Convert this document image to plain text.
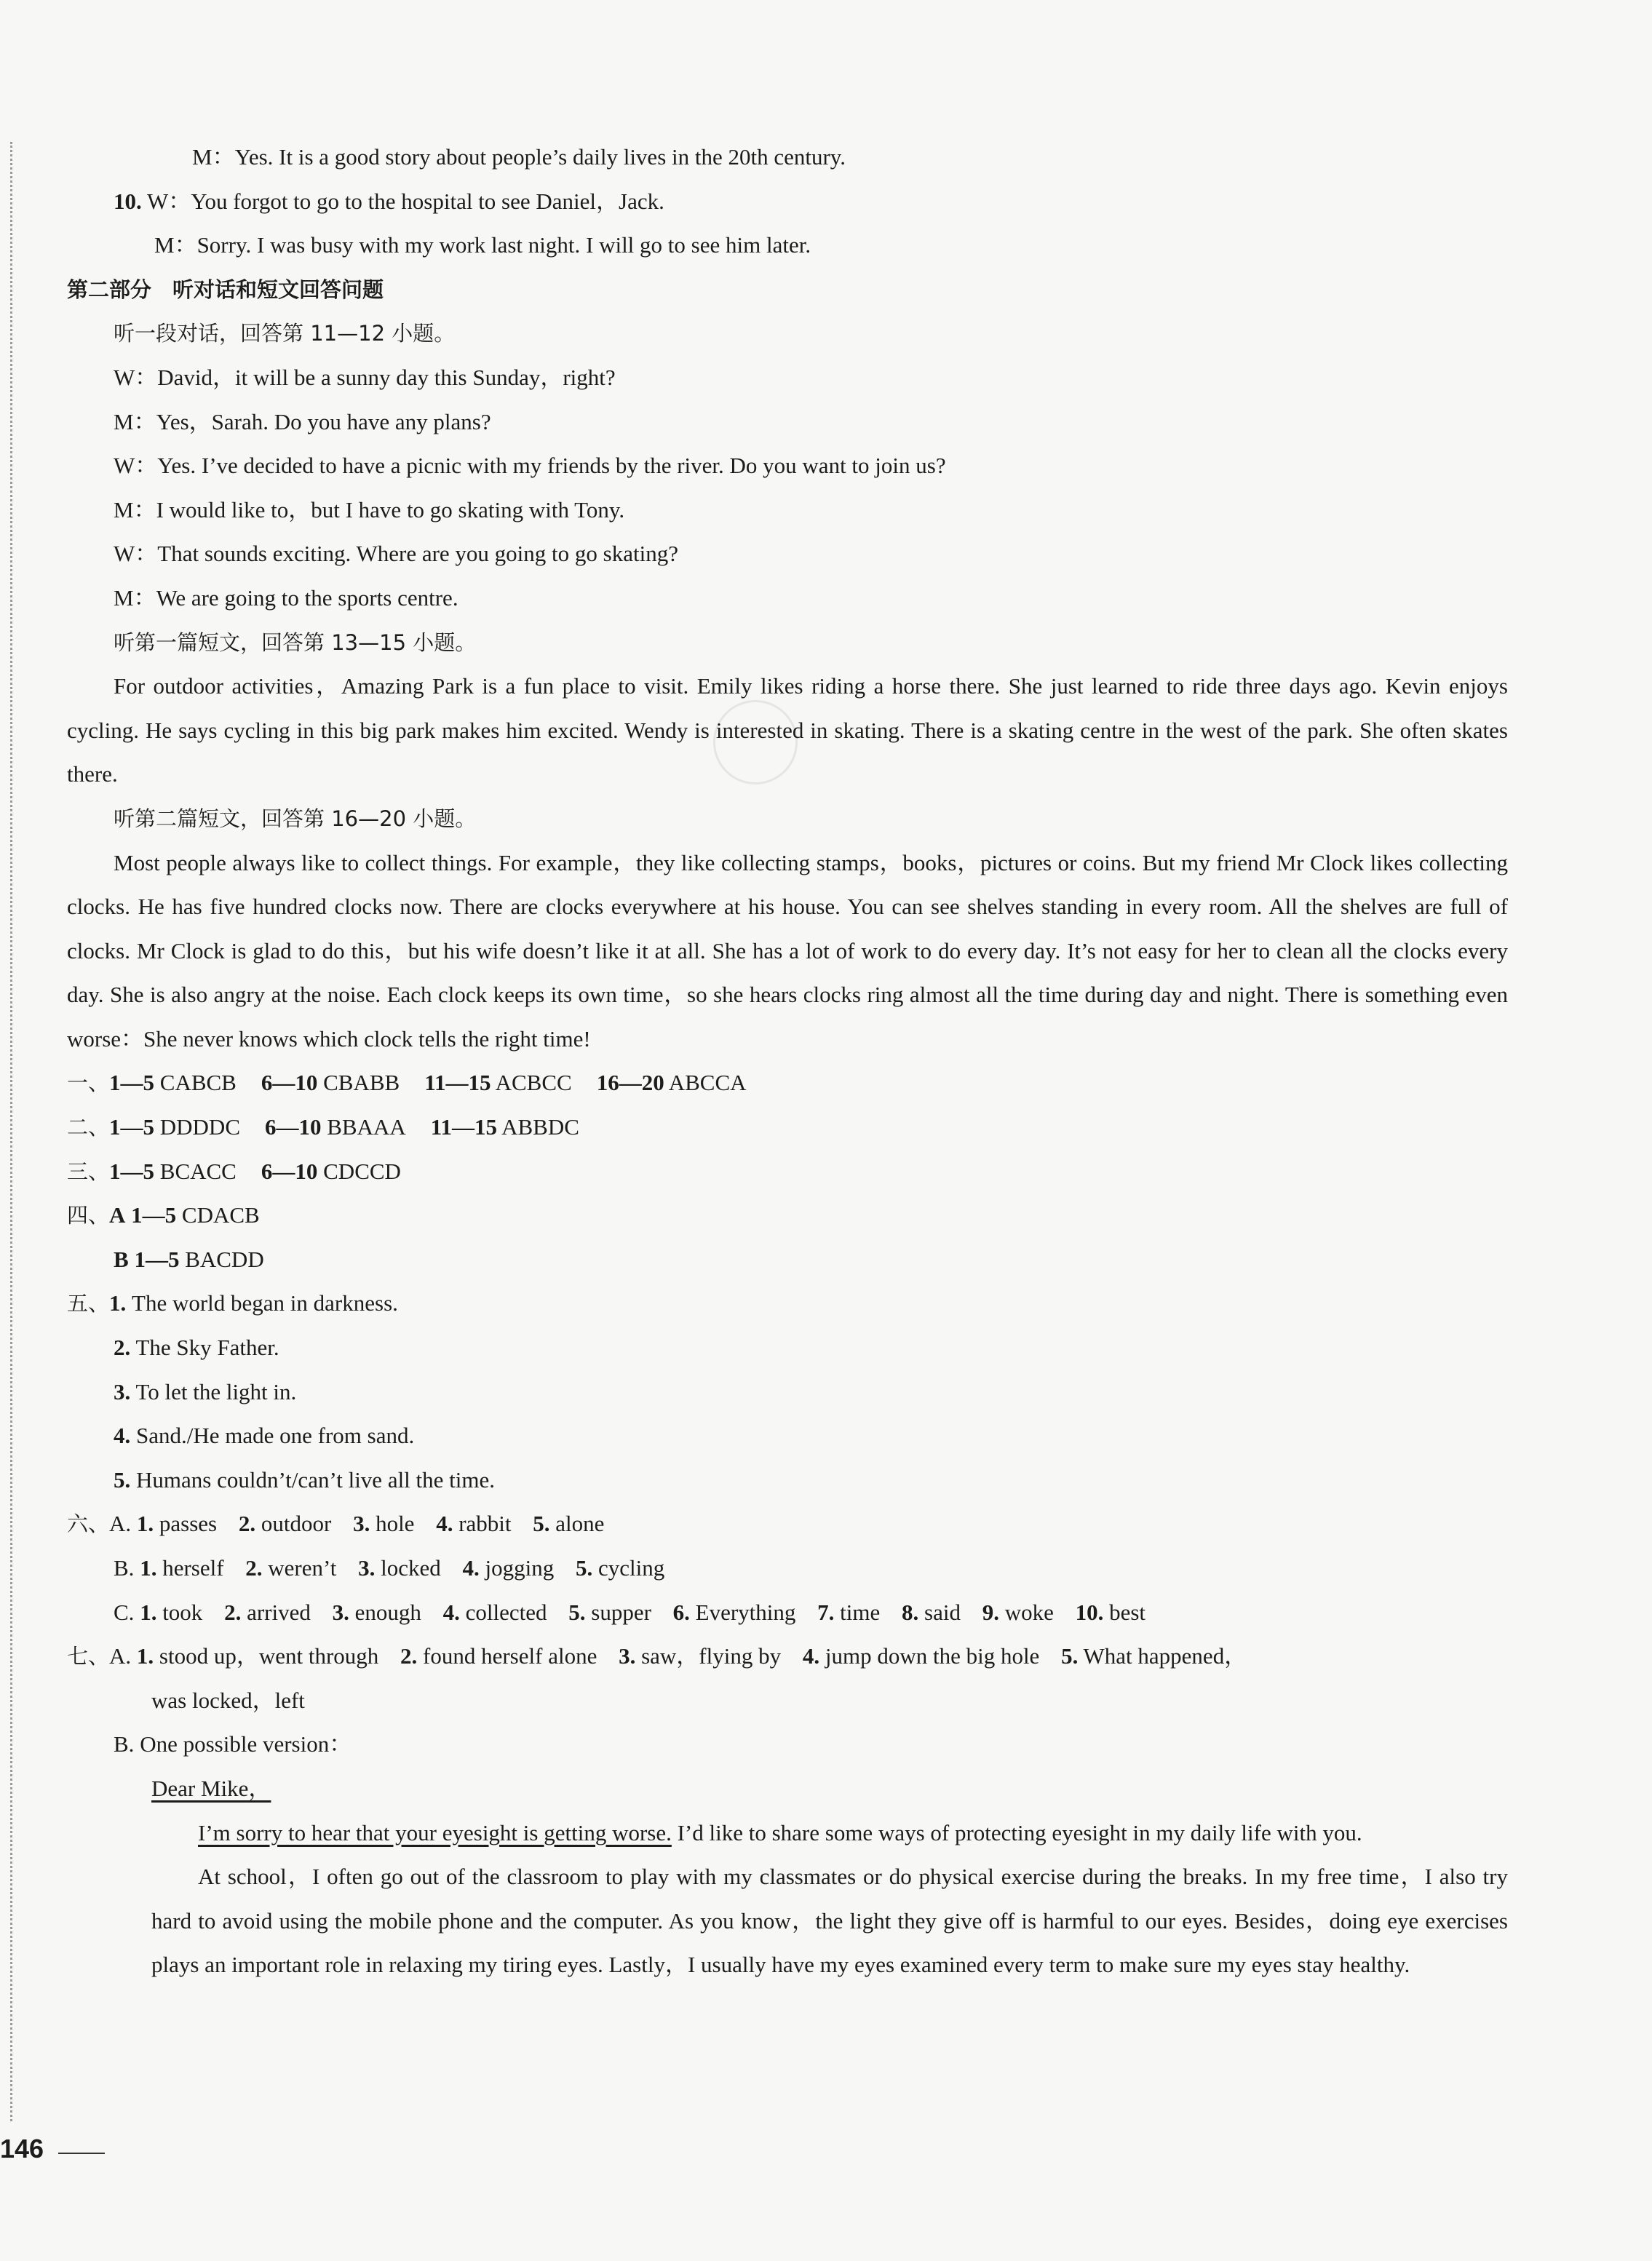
M：Yes. It is a good story about people’s daily lives in the 20th century.
10. W：You forgot to go to the hospital to see Daniel，Jack.
M：Sorry. I was busy with my work last night. I will go to see him later.
第二部分　听对话和短文回答问题
听一段对话，回答第 11—12 小题。
W：David，it will be a sunny day this Sunday，right?
M：Yes，Sarah. Do you have any plans?
W：Yes. I’ve decided to have a picnic with my friends by the river. Do you want to join us?
M：I would like to，but I have to go skating with Tony.
W：That sounds exciting. Where are you going to go skating?
M：We are going to the sports centre.
听第一篇短文，回答第 13—15 小题。
For outdoor activities，Amazing Park is a fun place to visit. Emily likes riding a horse there. She just learned to ride three days ago. Kevin enjoys cycling. He says cycling in this big park makes him excited. Wendy is interested in skating. There is a skating centre in the west of the park. She often skates there.
听第二篇短文，回答第 16—20 小题。
Most people always like to collect things. For example，they like collecting stamps，books，pictures or coins. But my friend Mr Clock likes collecting clocks. He has five hundred clocks now. There are clocks everywhere at his house. You can see shelves standing in every room. All the shelves are full of clocks. Mr Clock is glad to do this，but his wife doesn’t like it at all. She has a lot of work to do every day. It’s not easy for her to clean all the clocks every day. She is also angry at the noise. Each clock keeps its own time，so she hears clocks ring almost all the time during day and night. There is something even worse：She never knows which clock tells the right time!
一、1—5 CABCB 6—10 CBABB 11—15 ACBCC 16—20 ABCCA
二、1—5 DDDDC 6—10 BBAAA 11—15 ABBDC
三、1—5 BCACC 6—10 CDCCD
四、A 1—5 CDACB
B 1—5 BACDD
五、1. The world began in darkness.
2. The Sky Father.
3. To let the light in.
4. Sand./He made one from sand.
5. Humans couldn’t/can’t live all the time.
六、A. 1. passes 2. outdoor 3. hole 4. rabbit 5. alone
B. 1. herself 2. weren’t 3. locked 4. jogging 5. cycling
C. 1. took 2. arrived 3. enough 4. collected 5. supper 6. Everything 7. time 8. said 9. woke 10. best
七、A. 1. stood up，went through 2. found herself alone 3. saw，flying by 4. jump down the big hole 5. What happened，
was locked，left
B. One possible version：
Dear Mike，
I’m sorry to hear that your eyesight is getting worse. I’d like to share some ways of protecting eyesight in my daily life with you.
At school，I often go out of the classroom to play with my classmates or do physical exercise during the breaks. In my free time，I also try hard to avoid using the mobile phone and the computer. As you know，the light they give off is harmful to our eyes. Besides，doing eye exercises plays an important role in relaxing my tiring eyes. Lastly，I usually have my eyes examined every term to make sure my eyes stay healthy.
146
